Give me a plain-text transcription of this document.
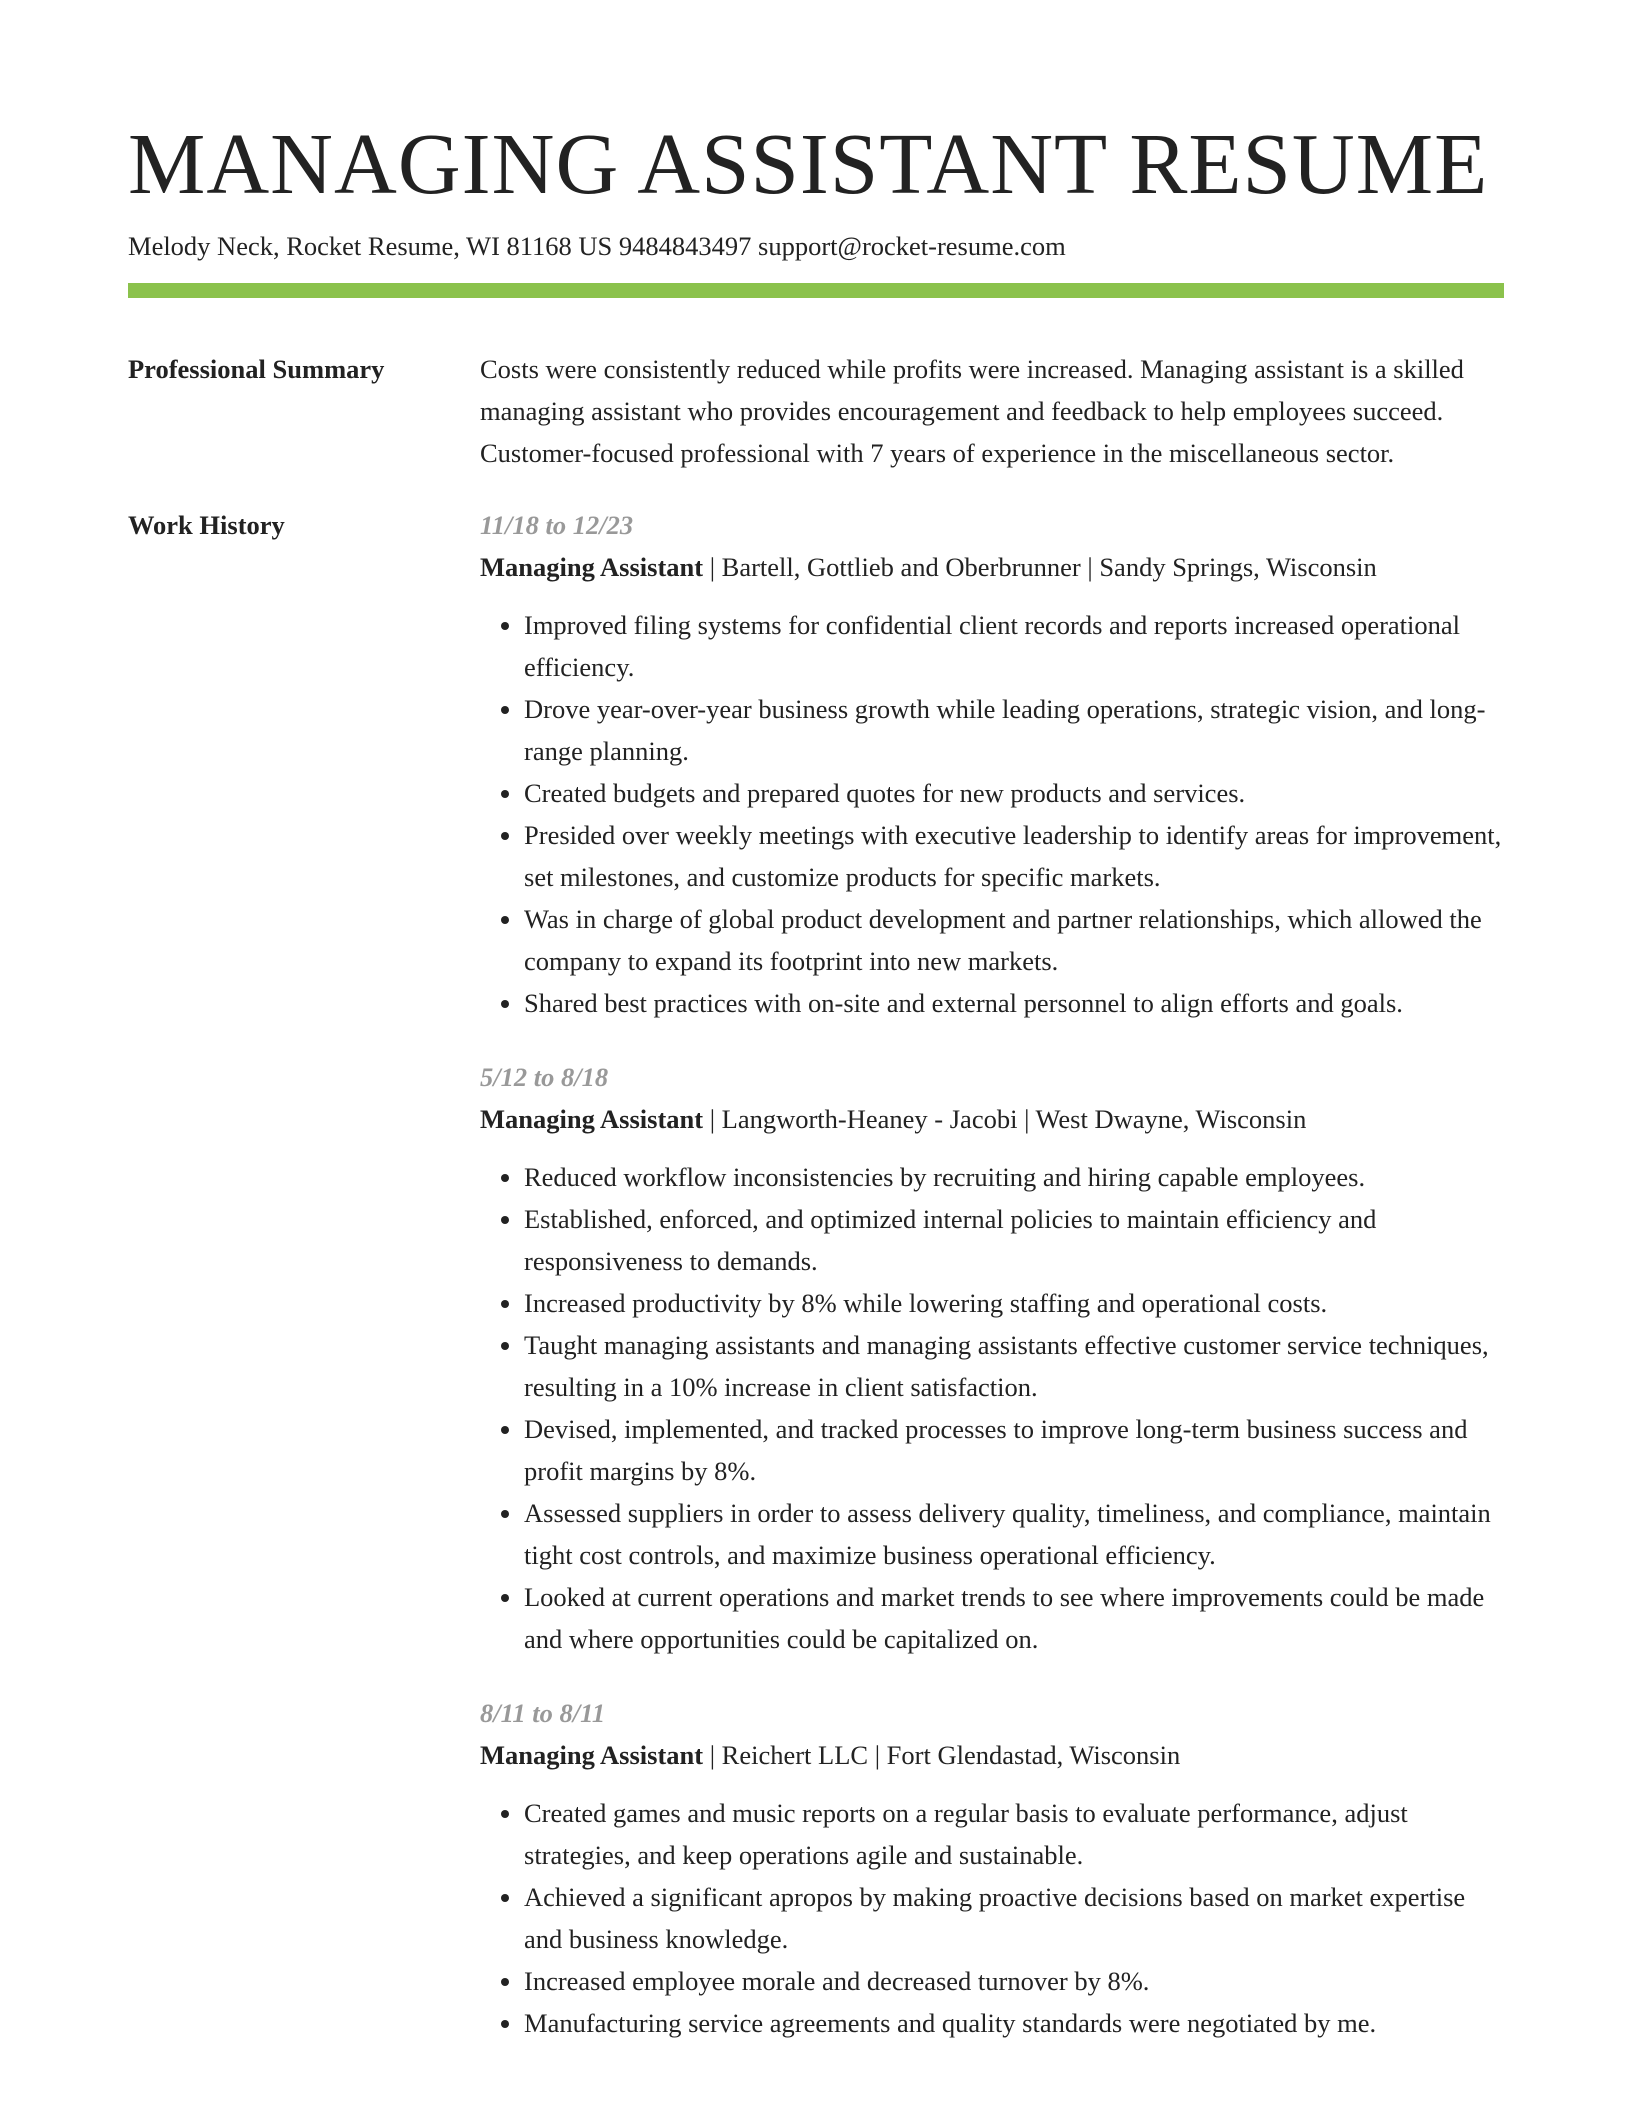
MANAGING ASSISTANT RESUME
Melody Neck, Rocket Resume, WI 81168 US 9484843497 support@rocket-resume.com
Professional Summary	Costs were consistently reduced while profits were increased. Managing assistant is a skilled managing assistant who provides encouragement and feedback to help employees succeed. Customer-focused professional with 7 years of experience in the miscellaneous sector.

Work History	11/18 to 12/23
Managing Assistant | Bartell, Gottlieb and Oberbrunner | Sandy Springs, Wisconsin
• Improved filing systems for confidential client records and reports increased operational efficiency.
• Drove year-over-year business growth while leading operations, strategic vision, and long-range planning.
• Created budgets and prepared quotes for new products and services.
• Presided over weekly meetings with executive leadership to identify areas for improvement, set milestones, and customize products for specific markets.
• Was in charge of global product development and partner relationships, which allowed the company to expand its footprint into new markets.
• Shared best practices with on-site and external personnel to align efforts and goals.
5/12 to 8/18
Managing Assistant | Langworth-Heaney - Jacobi | West Dwayne, Wisconsin
• Reduced workflow inconsistencies by recruiting and hiring capable employees.
• Established, enforced, and optimized internal policies to maintain efficiency and responsiveness to demands.
• Increased productivity by 8% while lowering staffing and operational costs.
• Taught managing assistants and managing assistants effective customer service techniques, resulting in a 10% increase in client satisfaction.
• Devised, implemented, and tracked processes to improve long-term business success and profit margins by 8%.
• Assessed suppliers in order to assess delivery quality, timeliness, and compliance, maintain tight cost controls, and maximize business operational efficiency.
• Looked at current operations and market trends to see where improvements could be made and where opportunities could be capitalized on.
8/11 to 8/11
Managing Assistant | Reichert LLC | Fort Glendastad, Wisconsin
• Created games and music reports on a regular basis to evaluate performance, adjust strategies, and keep operations agile and sustainable.
• Achieved a significant apropos by making proactive decisions based on market expertise and business knowledge.
• Increased employee morale and decreased turnover by 8%.
• Manufacturing service agreements and quality standards were negotiated by me.
